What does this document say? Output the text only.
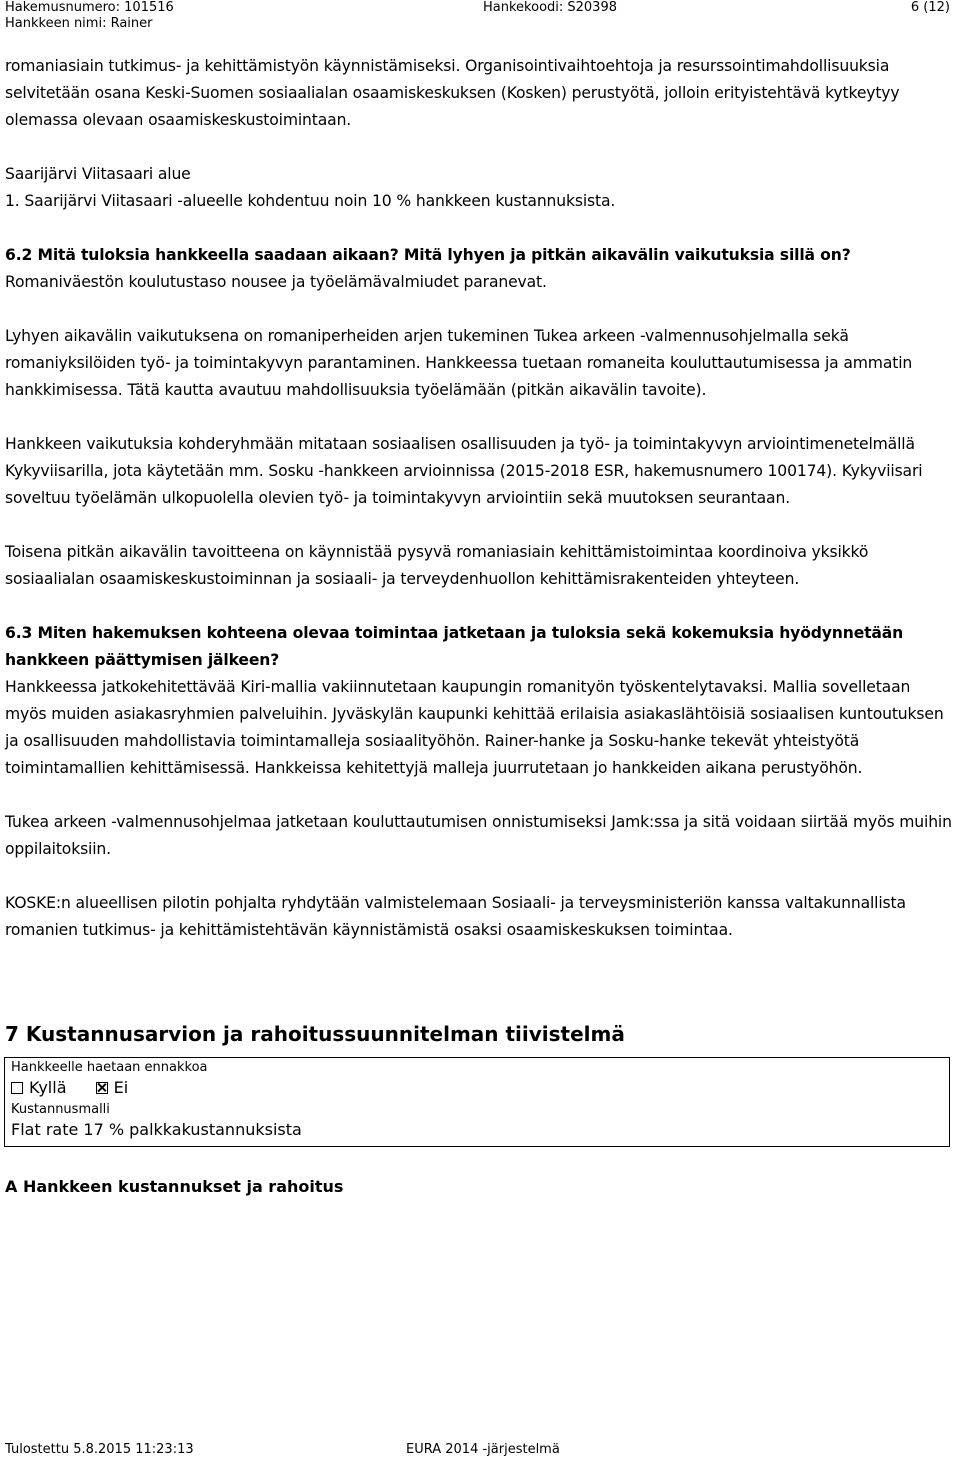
Hakemusnumero: 101516
Hankkeen nimi: Rainer
Hankekoodi: S20398	6 (12)

romaniasiain tutkimus- ja kehittämistyön käynnistämiseksi. Organisointivaihtoehtoja ja resurssointimahdollisuuksia selvitetään osana Keski-Suomen sosiaalialan osaamiskeskuksen (Kosken) perustyötä, jolloin erityistehtävä kytkeytyy olemassa olevaan osaamiskeskustoimintaan.

Saarijärvi Viitasaari alue

1. Saarijärvi Viitasaari -alueelle kohdentuu noin 10 % hankkeen kustannuksista.

6.2 Mitä tuloksia hankkeella saadaan aikaan? Mitä lyhyen ja pitkän aikavälin vaikutuksia sillä on?

Romaniväestön koulutustaso nousee ja työelämävalmiudet paranevat.

Lyhyen aikavälin vaikutuksena on romaniperheiden arjen tukeminen Tukea arkeen -valmennusohjelmalla sekä romaniyksilöiden työ- ja toimintakyvyn parantaminen. Hankkeessa tuetaan romaneita kouluttautumisessa ja ammatin hankkimisessa. Tätä kautta avautuu mahdollisuuksia työelämään (pitkän aikavälin tavoite).

Hankkeen vaikutuksia kohderyhmään mitataan sosiaalisen osallisuuden ja työ- ja toimintakyvyn arviointimenetelmällä Kykyviisarilla, jota käytetään mm. Sosku -hankkeen arvioinnissa (2015-2018 ESR, hakemusnumero 100174). Kykyviisari soveltuu työelämän ulkopuolella olevien työ- ja toimintakyvyn arviointiin sekä muutoksen seurantaan.

Toisena pitkän aikavälin tavoitteena on käynnistää pysyvä romaniasiain kehittämistoimintaa koordinoiva yksikkö sosiaalialan osaamiskeskustoiminnan ja sosiaali- ja terveydenhuollon kehittämisrakenteiden yhteyteen.

6.3 Miten hakemuksen kohteena olevaa toimintaa jatketaan ja tuloksia sekä kokemuksia hyödynnetään hankkeen päättymisen jälkeen?

Hankkeessa jatkokehitettävää Kiri-mallia vakiinnutetaan kaupungin romanityön työskentelytavaksi. Mallia sovelletaan myös muiden asiakasryhmien palveluihin. Jyväskylän kaupunki kehittää erilaisia asiakaslähtöisiä sosiaalisen kuntoutuksen ja osallisuuden mahdollistavia toimintamalleja sosiaalityöhön. Rainer-hanke ja Sosku-hanke tekevät yhteistyötä toimintamallien kehittämisessä. Hankkeissa kehitettyjä malleja juurrutetaan jo hankkeiden aikana perustyöhön.

Tukea arkeen -valmennusohjelmaa jatketaan kouluttautumisen onnistumiseksi Jamk:ssa ja sitä voidaan siirtää myös muihin oppilaitoksiin.

KOSKE:n alueellisen pilotin pohjalta ryhdytään valmistelemaan Sosiaali- ja terveysministeriön kanssa valtakunnallista romanien tutkimus- ja kehittämistehtävän käynnistämistä osaksi osaamiskeskuksen toimintaa.

7 Kustannusarvion ja rahoitussuunnitelman tiivistelmä
Hankkeelle haetaan ennakkoa
Kyllä	Ei
Kustannusmalli
Flat rate 17 % palkkakustannuksista
A Hankkeen kustannukset ja rahoitus
Tulostettu 5.8.2015 11:23:13	EURA 2014 -järjestelmä
